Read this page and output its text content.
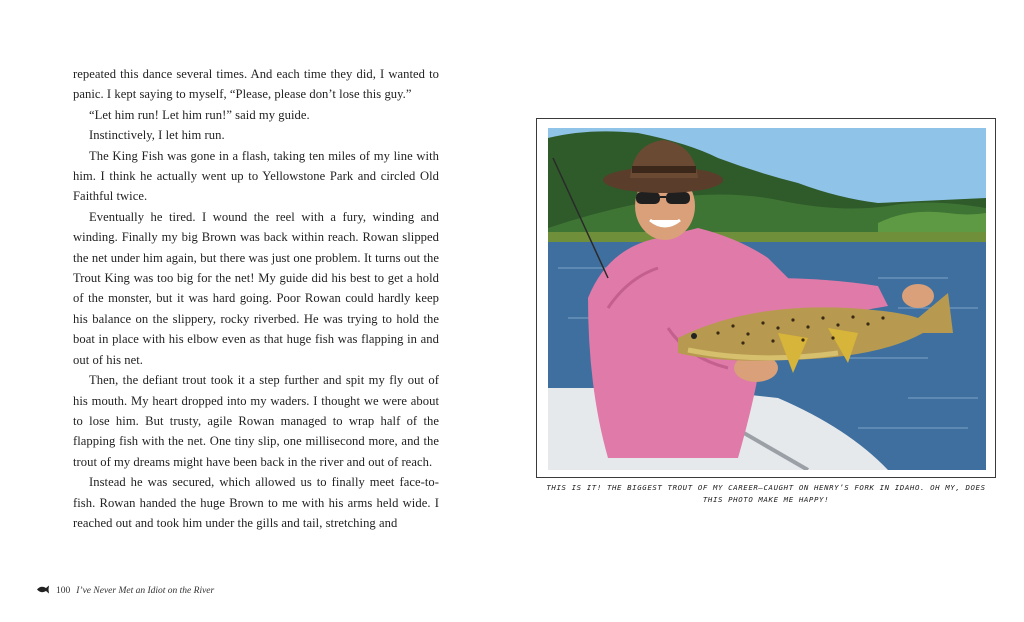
repeated this dance several times. And each time they did, I wanted to panic. I kept saying to myself, “Please, please don’t lose this guy.”

“Let him run! Let him run!” said my guide.

Instinctively, I let him run.

The King Fish was gone in a flash, taking ten miles of my line with him. I think he actually went up to Yellowstone Park and circled Old Faithful twice.

Eventually he tired. I wound the reel with a fury, winding and winding. Finally my big Brown was back within reach. Rowan slipped the net under him again, but there was just one problem. It turns out the Trout King was too big for the net! My guide did his best to get a hold of the monster, but it was hard going. Poor Rowan could hardly keep his balance on the slippery, rocky riverbed. He was trying to hold the boat in place with his elbow even as that huge fish was flapping in and out of his net.

Then, the defiant trout took it a step further and spit my fly out of his mouth. My heart dropped into my waders. I thought we were about to lose him. But trusty, agile Rowan managed to wrap half of the flapping fish with the net. One tiny slip, one millisecond more, and the trout of my dreams might have been back in the river and out of reach.

Instead he was secured, which allowed us to finally meet face-to-fish. Rowan handed the huge Brown to me with his arms held wide. I reached out and took him under the gills and tail, stretching and

THIS IS IT! THE BIGGEST TROUT OF MY CAREER—CAUGHT ON HENRY’S FORK IN IDAHO. OH MY, DOES THIS PHOTO MAKE ME HAPPY!
100 I’ve Never Met an Idiot on the River
